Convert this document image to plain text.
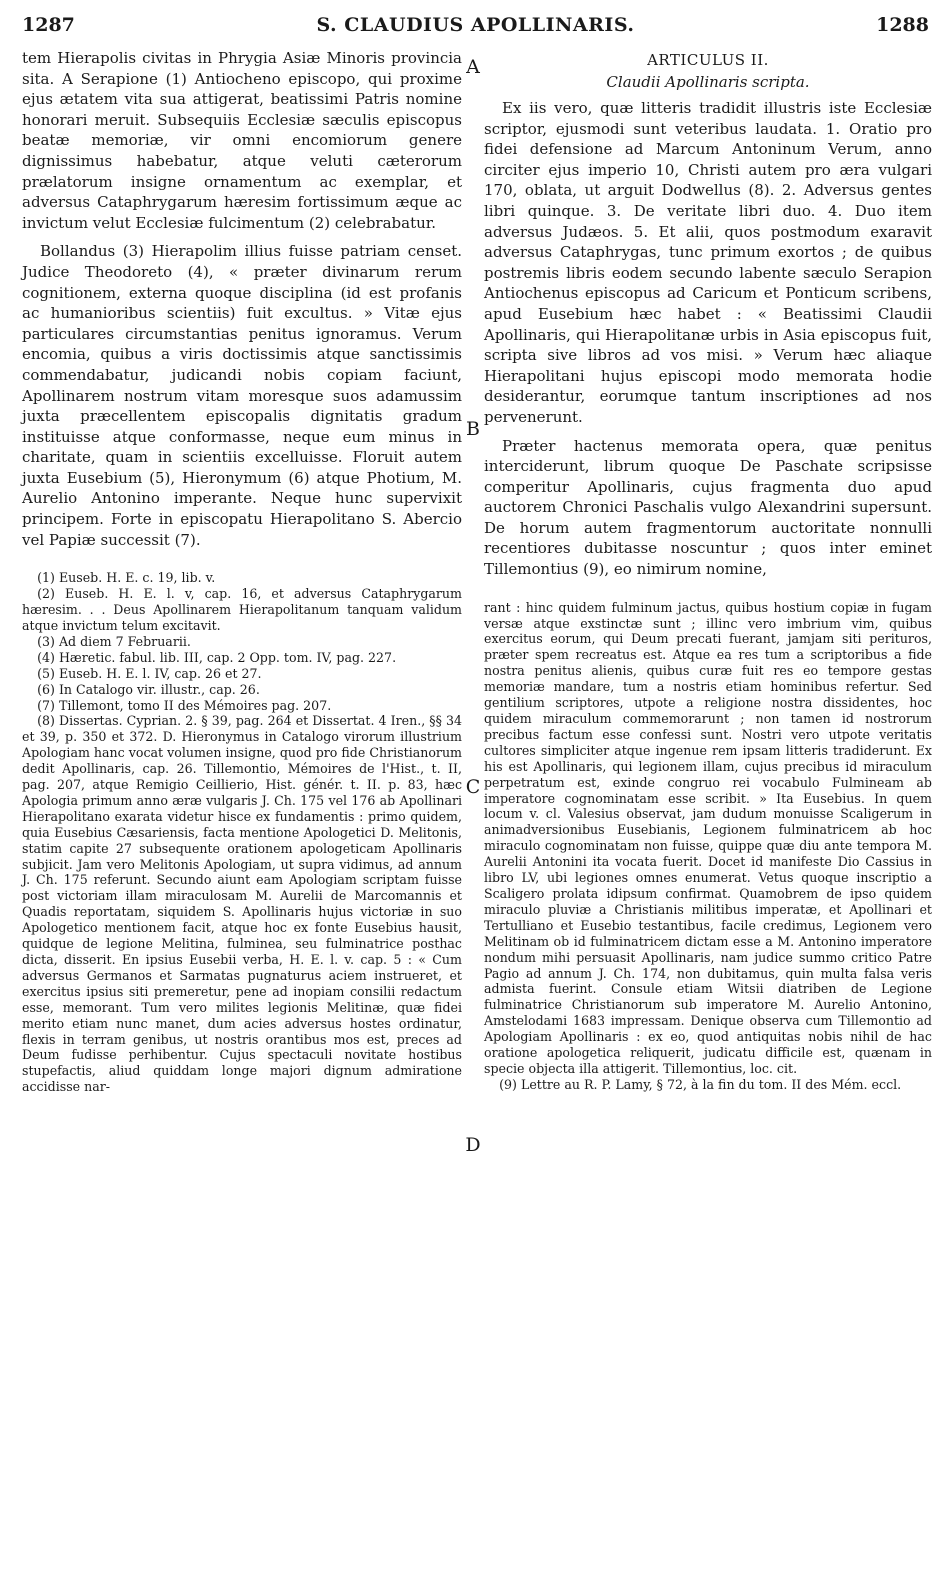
1287	S. CLAUDIUS APOLLINARIS.	1288
A
B
C
D

tem Hierapolis civitas in Phrygia Asiæ Minoris provincia sita. A Serapione (1) Antiocheno episcopo, qui proxime ejus ætatem vita sua attigerat, beatissimi Patris nomine honorari meruit. Subsequiis Ecclesiæ sæculis episcopus beatæ memoriæ, vir omni encomiorum genere dignissimus habebatur, atque veluti cæterorum prælatorum insigne ornamentum ac exemplar, et adversus Cataphrygarum hæresim fortissimum æque ac invictum velut Ecclesiæ fulcimentum (2) celebrabatur.

Bollandus (3) Hierapolim illius fuisse patriam censet. Judice Theodoreto (4), « præter divinarum rerum cognitionem, externa quoque disciplina (id est profanis ac humanioribus scientiis) fuit excultus. » Vitæ ejus particulares circumstantias penitus ignoramus. Verum encomia, quibus a viris doctissimis atque sanctissimis commendabatur, judicandi nobis copiam faciunt, Apollinarem nostrum vitam moresque suos adamussim juxta præcellentem episcopalis dignitatis gradum instituisse atque conformasse, neque eum minus in charitate, quam in scientiis excelluisse. Floruit autem juxta Eusebium (5), Hieronymum (6) atque Photium, M. Aurelio Antonino imperante. Neque hunc supervixit principem. Forte in episcopatu Hierapolitano S. Abercio vel Papiæ successit (7).

(1) Euseb. H. E. c. 19, lib. v.

(2) Euseb. H. E. l. v, cap. 16, et adversus Cataphrygarum hæresim. . . Deus Apollinarem Hierapolitanum tanquam validum atque invictum telum excitavit.

(3) Ad diem 7 Februarii.

(4) Hæretic. fabul. lib. III, cap. 2 Opp. tom. IV, pag. 227.

(5) Euseb. H. E. l. IV, cap. 26 et 27.

(6) In Catalogo vir. illustr., cap. 26.

(7) Tillemont, tomo II des Mémoires pag. 207.

(8) Dissertas. Cyprian. 2. § 39, pag. 264 et Dissertat. 4 Iren., §§ 34 et 39, p. 350 et 372. D. Hieronymus in Catalogo virorum illustrium Apologiam hanc vocat volumen insigne, quod pro fide Christianorum dedit Apollinaris, cap. 26. Tillemontio, Mémoires de l'Hist., t. II, pag. 207, atque Remigio Ceillierio, Hist. génér. t. II. p. 83, hæc Apologia primum anno æræ vulgaris J. Ch. 175 vel 176 ab Apollinari Hierapolitano exarata videtur hisce ex fundamentis : primo quidem, quia Eusebius Cæsariensis, facta mentione Apologetici D. Melitonis, statim capite 27 subsequente orationem apologeticam Apollinaris subjicit. Jam vero Melitonis Apologiam, ut supra vidimus, ad annum J. Ch. 175 referunt. Secundo aiunt eam Apologiam scriptam fuisse post victoriam illam miraculosam M. Aurelii de Marcomannis et Quadis reportatam, siquidem S. Apollinaris hujus victoriæ in suo Apologetico mentionem facit, atque hoc ex fonte Eusebius hausit, quidque de legione Melitina, fulminea, seu fulminatrice posthac dicta, disserit. En ipsius Eusebii verba, H. E. l. v. cap. 5 : « Cum adversus Germanos et Sarmatas pugnaturus aciem instrueret, et exercitus ipsius siti premeretur, pene ad inopiam consilii redactum esse, memorant. Tum vero milites legionis Melitinæ, quæ fidei merito etiam nunc manet, dum acies adversus hostes ordinatur, flexis in terram genibus, ut nostris orantibus mos est, preces ad Deum fudisse perhibentur. Cujus spectaculi novitate hostibus stupefactis, aliud quiddam longe majori dignum admiratione accidisse nar-

ARTICULUS II.
Claudii Apollinaris scripta.

Ex iis vero, quæ litteris tradidit illustris iste Ecclesiæ scriptor, ejusmodi sunt veteribus laudata. 1. Oratio pro fidei defensione ad Marcum Antoninum Verum, anno circiter ejus imperio 10, Christi autem pro æra vulgari 170, oblata, ut arguit Dodwellus (8). 2. Adversus gentes libri quinque. 3. De veritate libri duo. 4. Duo item adversus Judæos. 5. Et alii, quos postmodum exaravit adversus Cataphrygas, tunc primum exortos ; de quibus postremis libris eodem secundo labente sæculo Serapion Antiochenus episcopus ad Caricum et Ponticum scribens, apud Eusebium hæc habet : « Beatissimi Claudii Apollinaris, qui Hierapolitanæ urbis in Asia episcopus fuit, scripta sive libros ad vos misi. » Verum hæc aliaque Hierapolitani hujus episcopi modo memorata hodie desiderantur, eorumque tantum inscriptiones ad nos pervenerunt.

Præter hactenus memorata opera, quæ penitus interciderunt, librum quoque De Paschate scripsisse comperitur Apollinaris, cujus fragmenta duo apud auctorem Chronici Paschalis vulgo Alexandrini supersunt. De horum autem fragmentorum auctoritate nonnulli recentiores dubitasse noscuntur ; quos inter eminet Tillemontius (9), eo nimirum nomine,

rant : hinc quidem fulminum jactus, quibus hostium copiæ in fugam versæ atque exstinctæ sunt ; illinc vero imbrium vim, quibus exercitus eorum, qui Deum precati fuerant, jamjam siti perituros, præter spem recreatus est. Atque ea res tum a scriptoribus a fide nostra penitus alienis, quibus curæ fuit res eo tempore gestas memoriæ mandare, tum a nostris etiam hominibus refertur. Sed gentilium scriptores, utpote a religione nostra dissidentes, hoc quidem miraculum commemorarunt ; non tamen id nostrorum precibus factum esse confessi sunt. Nostri vero utpote veritatis cultores simpliciter atque ingenue rem ipsam litteris tradiderunt. Ex his est Apollinaris, qui legionem illam, cujus precibus id miraculum perpetratum est, exinde congruo rei vocabulo Fulminеam ab imperatore cognominatam esse scribit. » Ita Eusebius. In quem locum v. cl. Valesius observat, jam dudum monuisse Scaligerum in animadversionibus Eusebianis, Legionem fulminatricem ab hoc miraculo cognominatam non fuisse, quippe quæ diu ante tempora M. Aurelii Antonini ita vocata fuerit. Docet id manifeste Dio Cassius in libro LV, ubi legiones omnes enumerat. Vetus quoque inscriptio a Scaligero prolata idipsum confirmat. Quamobrem de ipso quidem miraculo pluviæ a Christianis militibus imperatæ, et Apollinari et Tertulliano et Eusebio testantibus, facile credimus, Legionem vero Melitinam ob id fulminatricem dictam esse a M. Antonino imperatore nondum mihi persuasit Apollinaris, nam judice summo critico Patre Pagio ad annum J. Ch. 174, non dubitamus, quin multa falsa veris admista fuerint. Consule etiam Witsii diatriben de Legione fulminatrice Christianorum sub imperatore M. Aurelio Antonino, Amstelodami 1683 impressam. Denique observa cum Tillemontio ad Apologiam Apollinaris : ex eo, quod antiquitas nobis nihil de hac oratione apologetica reliquerit, judicatu difficile est, quænam in specie objecta illa attigerit. Tillemontius, loc. cit.

(9) Lettre au R. P. Lamy, § 72, à la fin du tom. II des Mém. eccl.
